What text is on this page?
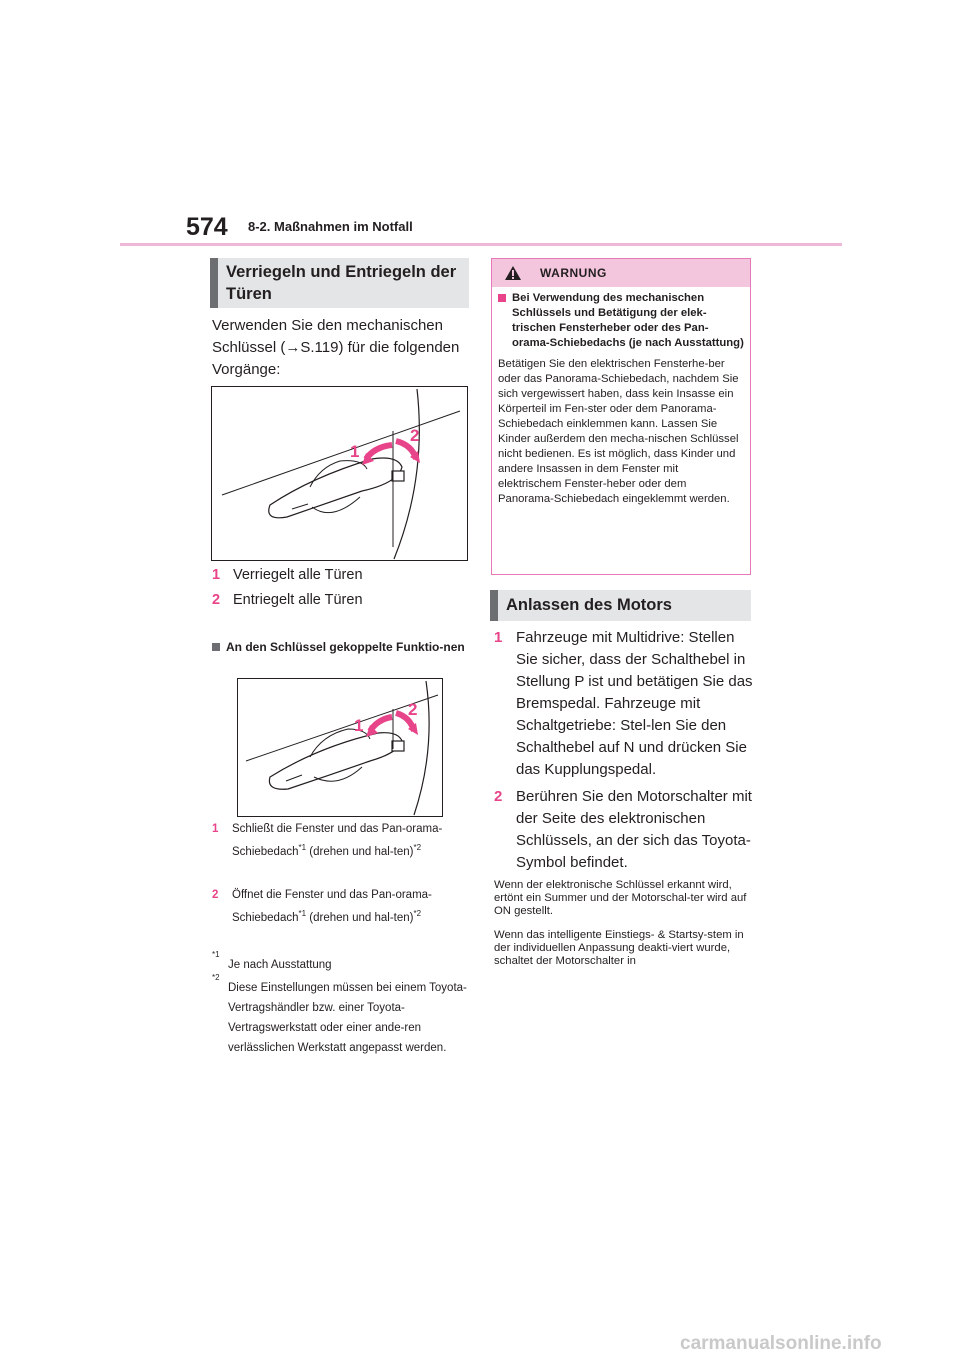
574 8-2. Maßnahmen im Notfall
Verriegeln und Entriegeln der Türen
Verwenden Sie den mechanischen Schlüssel (→S.119) für die folgenden Vorgänge:
1
2
1 Verriegelt alle Türen
2 Entriegelt alle Türen
An den Schlüssel gekoppelte Funktio-nen
1
2
1	Schließt die Fenster und das Pan-orama-Schiebedach$^{*1}$ (drehen und hal-ten)$^{*2}$
2	Öffnet die Fenster und das Pan-orama-Schiebedach$^{*1}$ (drehen und hal-ten)$^{*2}$
*1
Je nach Ausstattung
*2
Diese Einstellungen müssen bei einem Toyota-Vertragshändler bzw. einer Toyota-Vertragswerkstatt oder einer ande-ren verlässlichen Werkstatt angepasst werden.
WARNUNG
Bei Verwendung des mechanischen Schlüssels und Betätigung der elek-trischen Fensterheber oder des Pan-orama-Schiebedachs (je nach Ausstattung)
Betätigen Sie den elektrischen Fensterhe-ber oder das Panorama-Schiebedach, nachdem Sie sich vergewissert haben, dass kein Insasse ein Körperteil im Fen-ster oder dem Panorama-Schiebedach einklemmen kann. Lassen Sie Kinder außerdem den mecha-nischen Schlüssel nicht bedienen. Es ist möglich, dass Kinder und andere Insassen in dem Fenster mit elektrischem Fenster-heber oder dem Panorama-Schiebedach eingeklemmt werden.
Anlassen des Motors
1 Fahrzeuge mit Multidrive: Stellen Sie sicher, dass der Schalthebel in Stellung P ist und betätigen Sie das Bremspedal. Fahrzeuge mit Schaltgetriebe: Stel-len Sie den Schalthebel auf N und drücken Sie das Kupplungspedal.
2 Berühren Sie den Motorschalter mit der Seite des elektronischen Schlüssels, an der sich das Toyota-Symbol befindet.
Wenn der elektronische Schlüssel erkannt wird, ertönt ein Summer und der Motorschal-ter wird auf ON gestellt.
Wenn das intelligente Einstiegs- & Startsy-stem in der individuellen Anpassung deakti-viert wurde, schaltet der Motorschalter in
carmanualsonline.info
